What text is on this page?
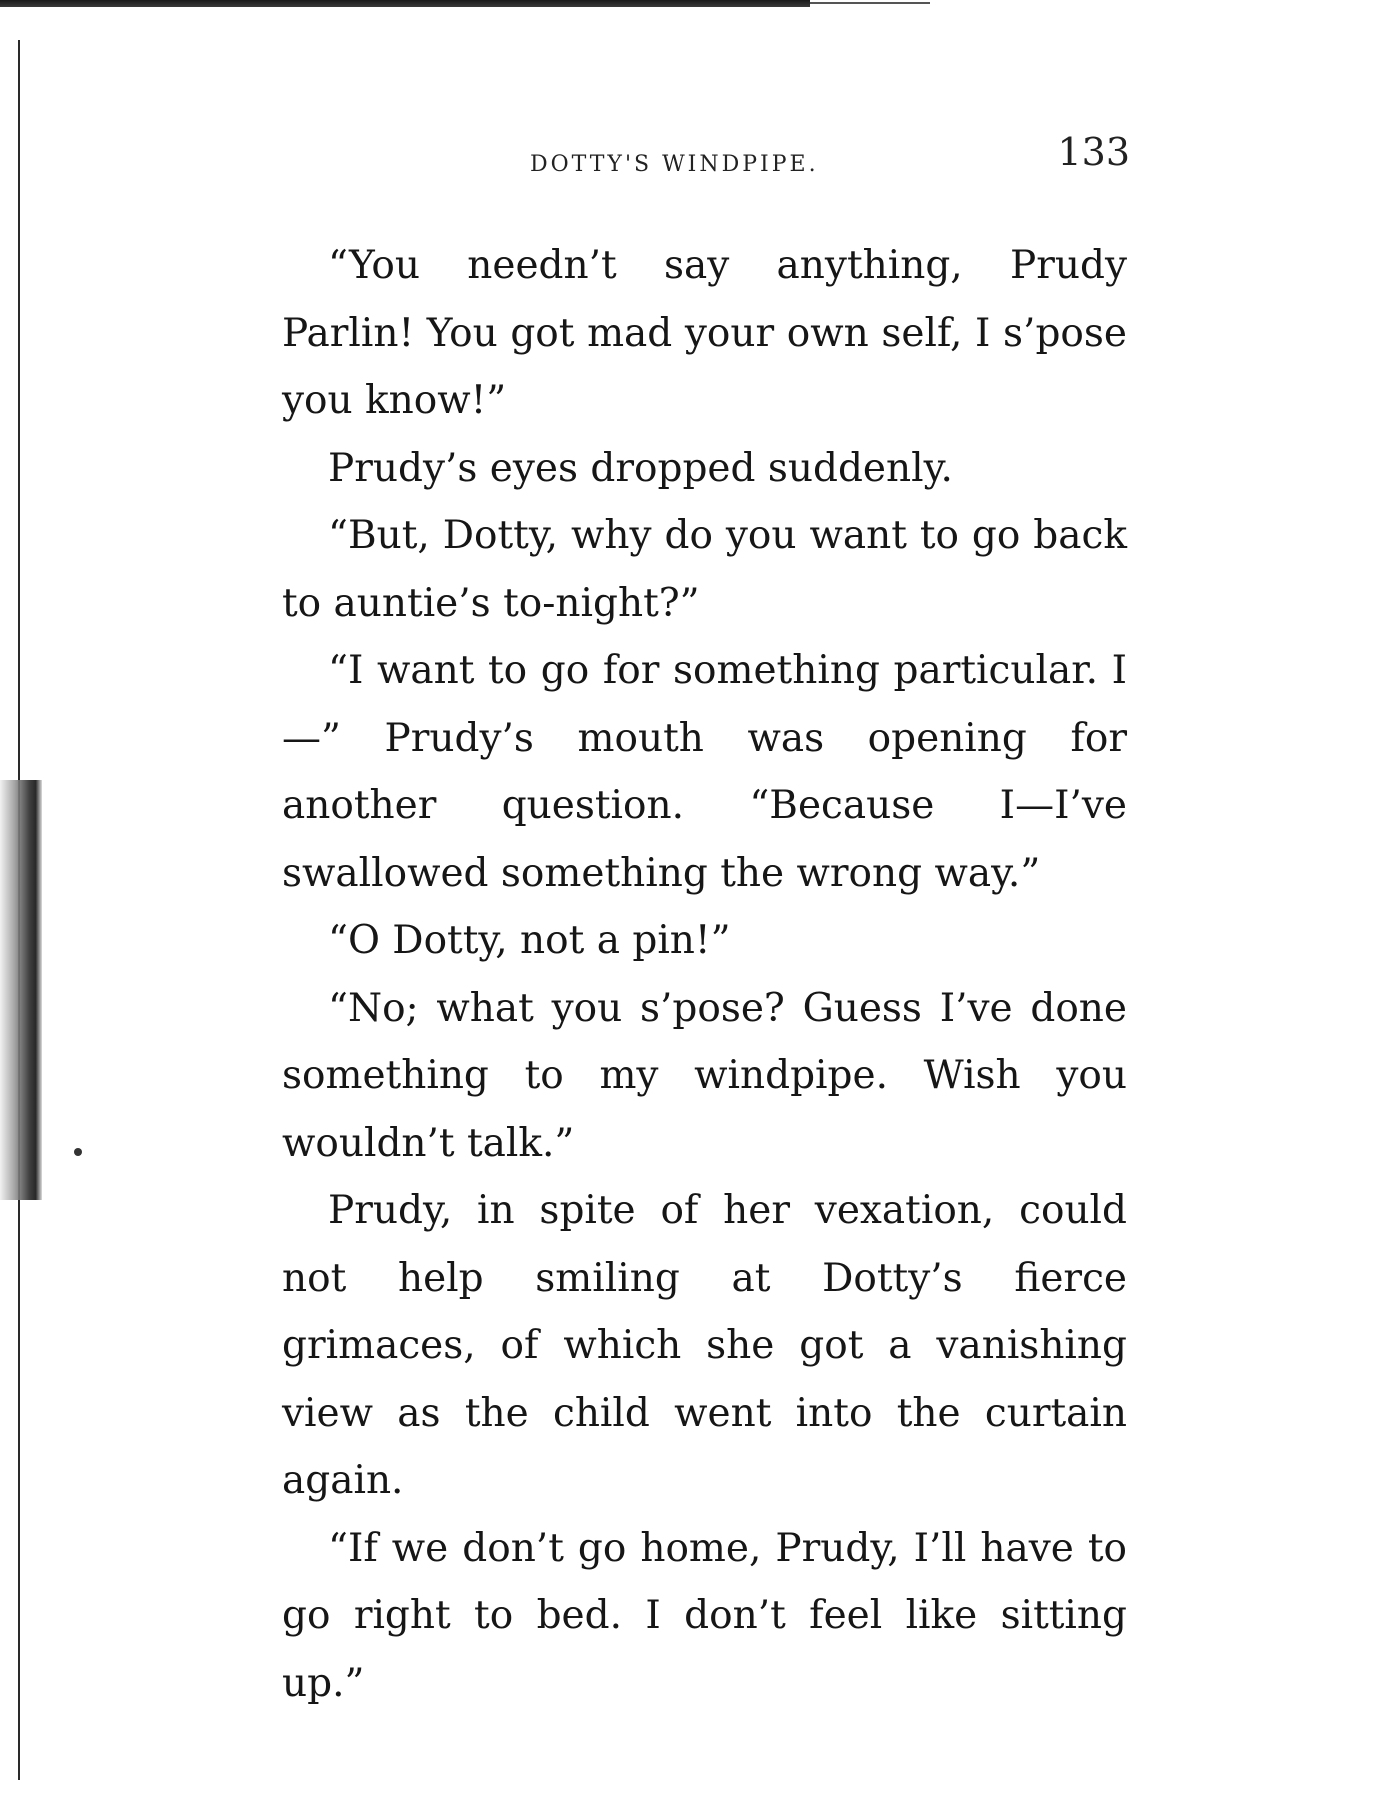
DOTTY'S WINDPIPE.	133

“You needn’t say anything, Prudy Parlin! You got mad your own self, I s’pose you know!”

Prudy’s eyes dropped suddenly.

“But, Dotty, why do you want to go back to auntie’s to-night?”

“I want to go for something particular. I—” Prudy’s mouth was opening for another question. “Because I—I’ve swallowed something the wrong way.”

“O Dotty, not a pin!”

“No; what you s’pose? Guess I’ve done something to my windpipe. Wish you wouldn’t talk.”

Prudy, in spite of her vexation, could not help smiling at Dotty’s fierce grimaces, of which she got a vanishing view as the child went into the curtain again.

“If we don’t go home, Prudy, I’ll have to go right to bed. I don’t feel like sitting up.”
